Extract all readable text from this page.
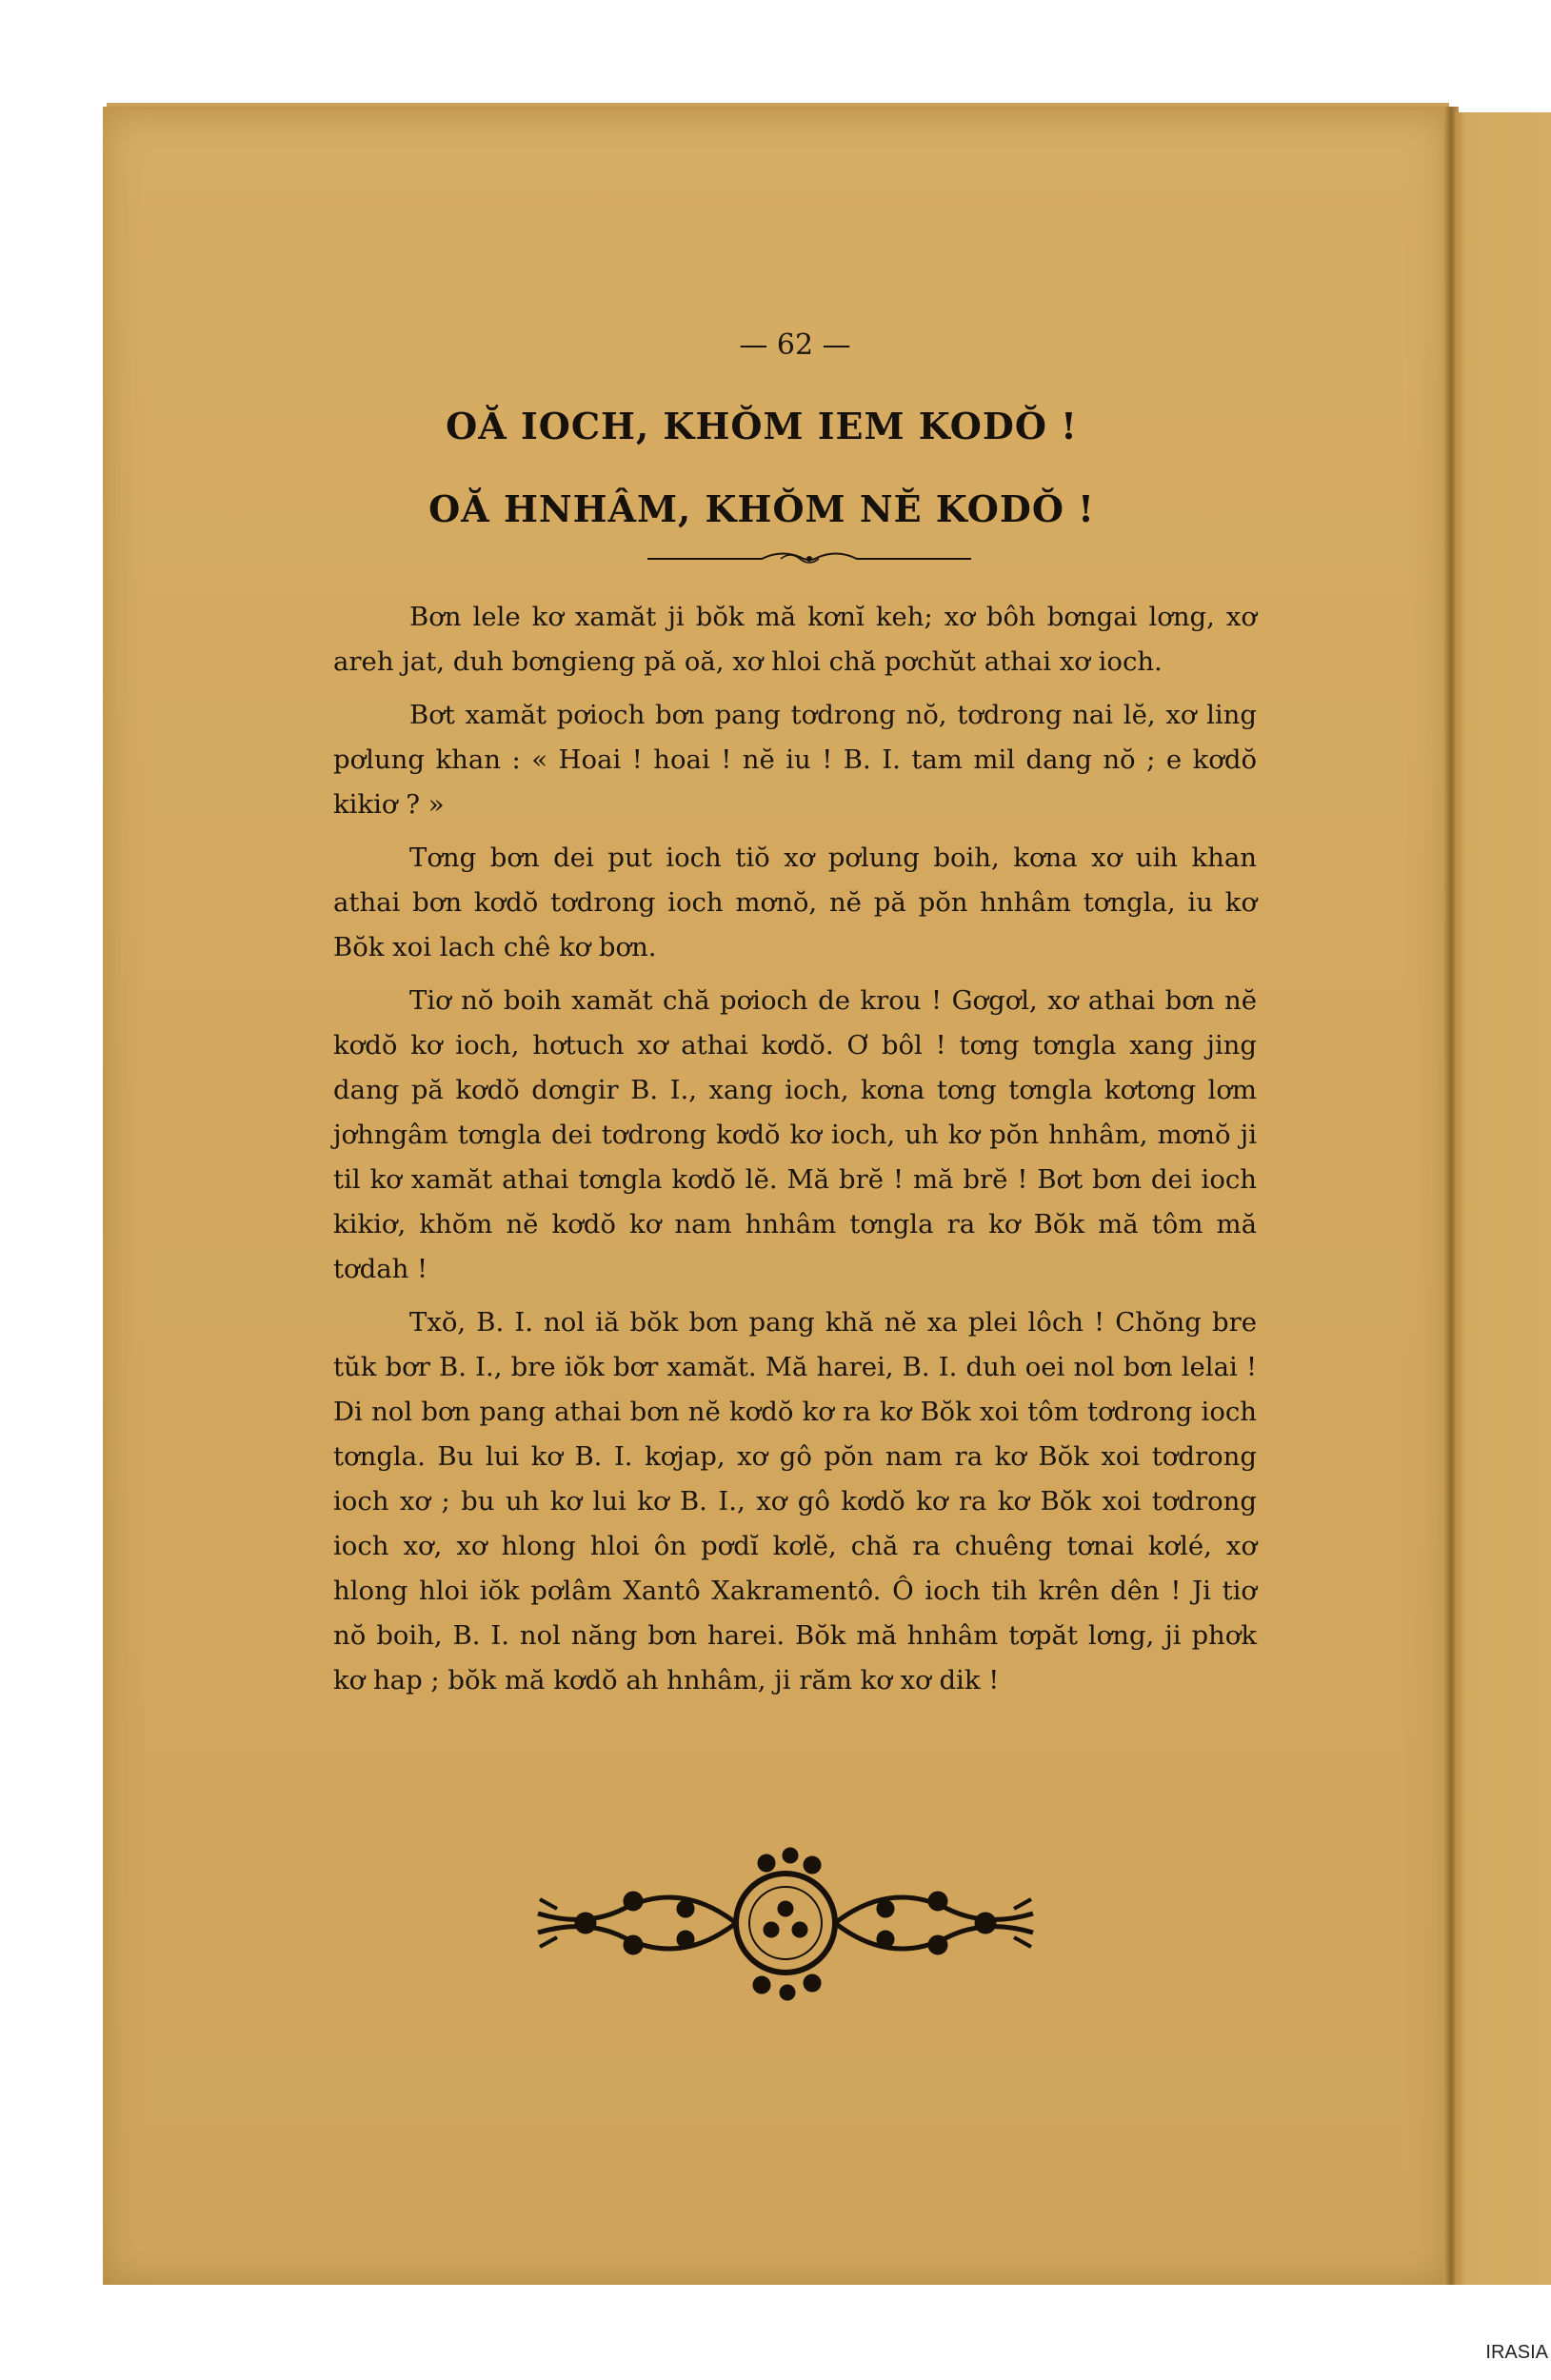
— 62 —
OĂ IOCH, KHŎM IEM KODŎ !
OĂ HNHÂM, KHŎM NĔ KODŎ !

Bơn lele kơ xamăt ji bŏk mă kơnĭ keh; xơ bôh bơngai lơng, xơ areh jat, duh bơngieng pă oă, xơ hloi chă pơchŭt athai xơ ioch.

Bơt xamăt pơioch bơn pang tơdrong nŏ, tơdrong nai lĕ, xơ ling pơlung khan : « Hoai ! hoai ! nĕ iu ! B. I. tam mil dang nŏ ; e kơdŏ kikiơ ? »

Tơng bơn dei put ioch tiŏ xơ pơlung boih, kơna xơ uih khan athai bơn kơdŏ tơdrong ioch mơnŏ, nĕ pă pŏn hnhâm tơngla, iu kơ Bŏk xoi lach chê kơ bơn.

Tiơ nŏ boih xamăt chă pơioch de krou ! Gơgơl, xơ athai bơn nĕ kơdŏ kơ ioch, hơtuch xơ athai kơdŏ. Ơ bôl ! tơng tơngla xang jing dang pă kơdŏ dơngir B. I., xang ioch, kơna tơng tơngla kơtơng lơm jơhngâm tơngla dei tơdrong kơdŏ kơ ioch, uh kơ pŏn hnhâm, mơnŏ ji til kơ xamăt athai tơngla kơdŏ lĕ. Mă brĕ ! mă brĕ ! Bơt bơn dei ioch kikiơ, khŏm nĕ kơdŏ kơ nam hnhâm tơngla ra kơ Bŏk mă tôm mă tơdah !

Txŏ, B. I. nol iă bŏk bơn pang khă nĕ xa plei lôch ! Chŏng bre tŭk bơr B. I., bre iŏk bơr xamăt. Mă harei, B. I. duh oei nol bơn lelai ! Di nol bơn pang athai bơn nĕ kơdŏ kơ ra kơ Bŏk xoi tôm tơdrong ioch tơngla. Bu lui kơ B. I. kơjap, xơ gô pŏn nam ra kơ Bŏk xoi tơdrong ioch xơ ; bu uh kơ lui kơ B. I., xơ gô kơdŏ kơ ra kơ Bŏk xoi tơdrong ioch xơ, xơ hlong hloi ôn pơdĭ kơlĕ, chă ra chuêng tơnai kơlé, xơ hlong hloi iŏk pơlâm Xantô Xakramentô. Ô ioch tih krên dên ! Ji tiơ nŏ boih, B. I. nol năng bơn harei. Bŏk mă hnhâm tơpăt lơng, ji phơk kơ hap ; bŏk mă kơdŏ ah hnhâm, ji răm kơ xơ dik !

IRASIA
